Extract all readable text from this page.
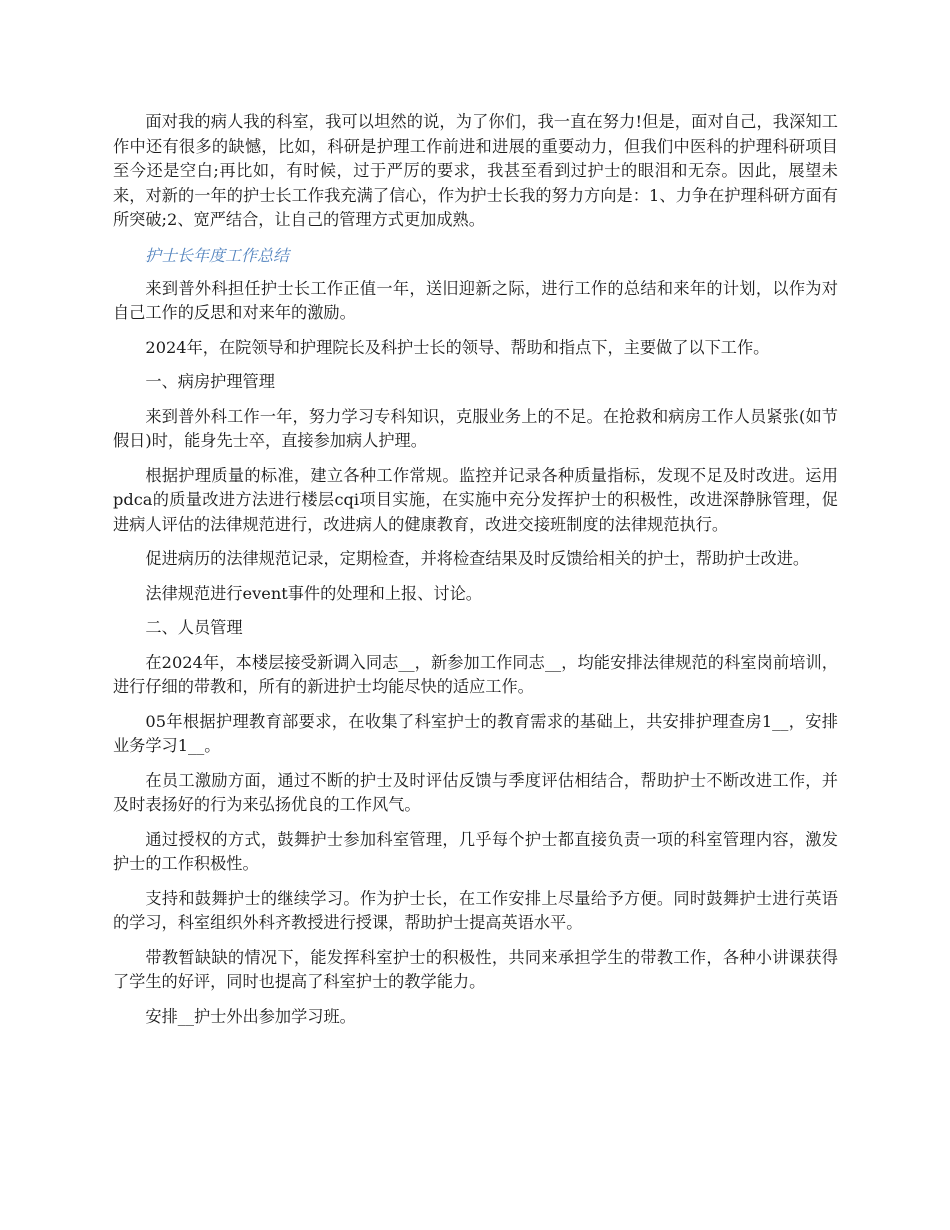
面对我的病人我的科室，我可以坦然的说，为了你们，我一直在努力!但是，面对自己，我深知工作中还有很多的缺憾，比如，科研是护理工作前进和进展的重要动力，但我们中医科的护理科研项目至今还是空白;再比如，有时候，过于严厉的要求，我甚至看到过护士的眼泪和无奈。因此，展望未来，对新的一年的护士长工作我充满了信心，作为护士长我的努力方向是：1、力争在护理科研方面有所突破;2、宽严结合，让自己的管理方式更加成熟。

护士长年度工作总结

来到普外科担任护士长工作正值一年，送旧迎新之际，进行工作的总结和来年的计划，以作为对自己工作的反思和对来年的激励。

2024年，在院领导和护理院长及科护士长的领导、帮助和指点下，主要做了以下工作。

一、病房护理管理

来到普外科工作一年，努力学习专科知识，克服业务上的不足。在抢救和病房工作人员紧张(如节假日)时，能身先士卒，直接参加病人护理。

根据护理质量的标准，建立各种工作常规。监控并记录各种质量指标，发现不足及时改进。运用pdca的质量改进方法进行楼层cqi项目实施，在实施中充分发挥护士的积极性，改进深静脉管理，促进病人评估的法律规范进行，改进病人的健康教育，改进交接班制度的法律规范执行。

促进病历的法律规范记录，定期检查，并将检查结果及时反馈给相关的护士，帮助护士改进。

法律规范进行event事件的处理和上报、讨论。

二、人员管理

在2024年，本楼层接受新调入同志__，新参加工作同志__，均能安排法律规范的科室岗前培训，进行仔细的带教和，所有的新进护士均能尽快的适应工作。

05年根据护理教育部要求，在收集了科室护士的教育需求的基础上，共安排护理查房1__，安排业务学习1__。

在员工激励方面，通过不断的护士及时评估反馈与季度评估相结合，帮助护士不断改进工作，并及时表扬好的行为来弘扬优良的工作风气。

通过授权的方式，鼓舞护士参加科室管理，几乎每个护士都直接负责一项的科室管理内容，激发护士的工作积极性。

支持和鼓舞护士的继续学习。作为护士长，在工作安排上尽量给予方便。同时鼓舞护士进行英语的学习，科室组织外科齐教授进行授课，帮助护士提高英语水平。

带教暂缺缺的情况下，能发挥科室护士的积极性，共同来承担学生的带教工作，各种小讲课获得了学生的好评，同时也提高了科室护士的教学能力。

安排__护士外出参加学习班。
